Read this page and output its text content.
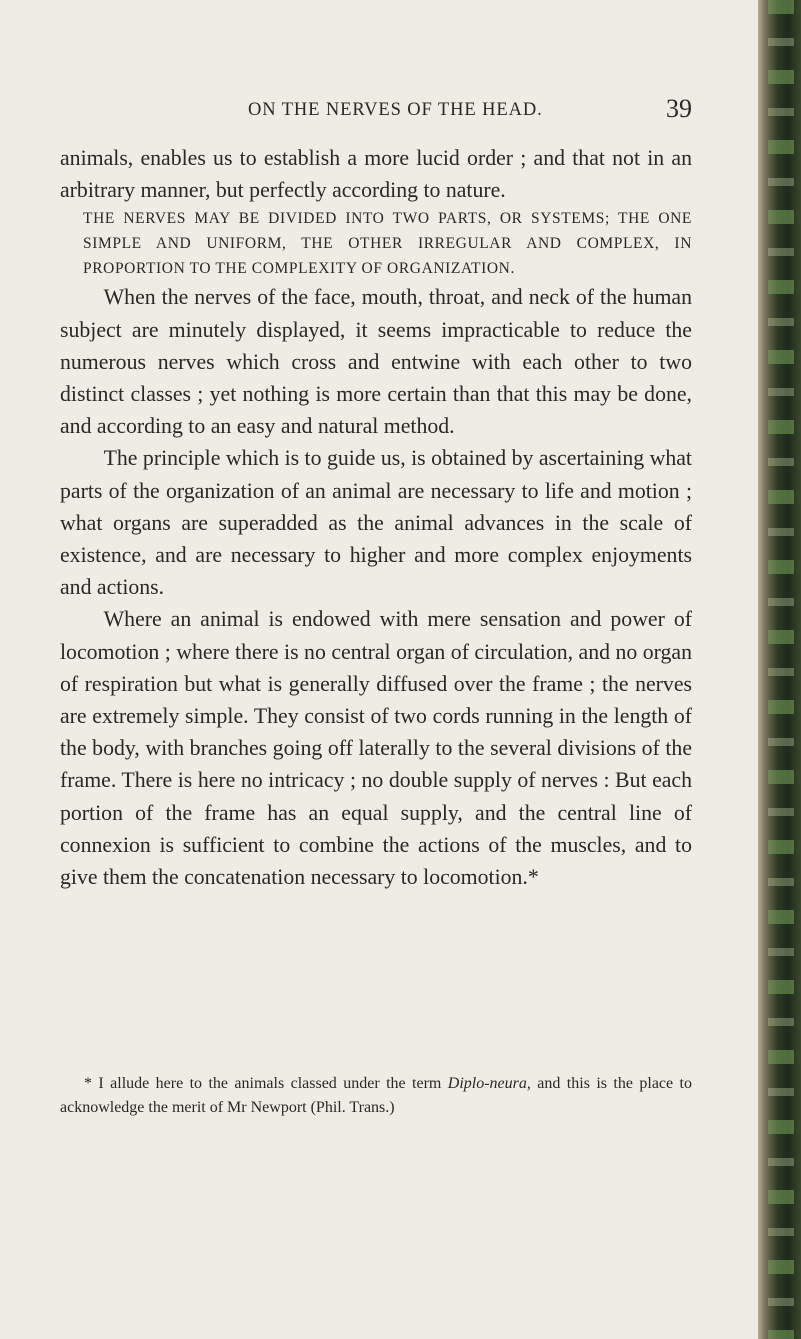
ON THE NERVES OF THE HEAD.	39

animals, enables us to establish a more lucid order ; and that not in an arbitrary manner, but perfectly according to nature.

THE NERVES MAY BE DIVIDED INTO TWO PARTS, OR SYSTEMS; THE ONE SIMPLE AND UNIFORM, THE OTHER IRREGULAR AND COMPLEX, IN PROPORTION TO THE COMPLEXITY OF ORGANIZATION.

When the nerves of the face, mouth, throat, and neck of the human subject are minutely displayed, it seems impracticable to reduce the numerous nerves which cross and entwine with each other to two distinct classes ; yet nothing is more certain than that this may be done, and according to an easy and natural method.

The principle which is to guide us, is obtained by ascertaining what parts of the organization of an animal are necessary to life and motion ; what organs are superadded as the animal advances in the scale of existence, and are necessary to higher and more complex enjoyments and actions.

Where an animal is endowed with mere sensation and power of locomotion ; where there is no central organ of circulation, and no organ of respiration but what is generally diffused over the frame ; the nerves are extremely simple. They consist of two cords running in the length of the body, with branches going off laterally to the several divisions of the frame. There is here no intricacy ; no double supply of nerves : But each portion of the frame has an equal supply, and the central line of connexion is sufficient to combine the actions of the muscles, and to give them the concatenation necessary to locomotion.*

* I allude here to the animals classed under the term Diplo-neura, and this is the place to acknowledge the merit of Mr Newport (Phil. Trans.)
